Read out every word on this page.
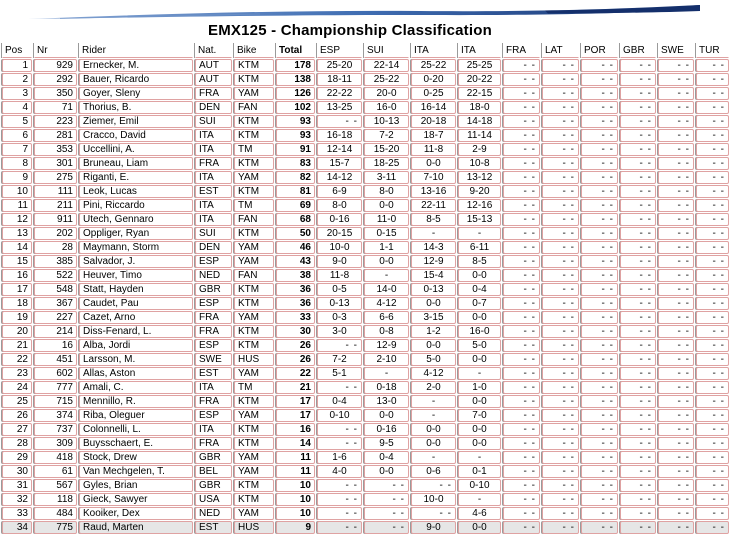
EMX125 - Championship Classification
Pos	Nr	Rider	Nat.	Bike	Total	ESP	SUI	ITA	ITA	FRA	LAT	POR	GBR	SWE	TUR
1	929	Ernecker, M.	AUT	KTM	178	25-20	22-14	25-22	25-25	- -	- -	- -	- -	- -	- -
2	292	Bauer, Ricardo	AUT	KTM	138	18-11	25-22	0-20	20-22	- -	- -	- -	- -	- -	- -
3	350	Goyer, Sleny	FRA	YAM	126	22-22	20-0	0-25	22-15	- -	- -	- -	- -	- -	- -
4	71	Thorius, B.	DEN	FAN	102	13-25	16-0	16-14	18-0	- -	- -	- -	- -	- -	- -
5	223	Ziemer, Emil	SUI	KTM	93	- -	10-13	20-18	14-18	- -	- -	- -	- -	- -	- -
6	281	Cracco, David	ITA	KTM	93	16-18	7-2	18-7	11-14	- -	- -	- -	- -	- -	- -
7	353	Uccellini, A.	ITA	TM	91	12-14	15-20	11-8	2-9	- -	- -	- -	- -	- -	- -
8	301	Bruneau, Liam	FRA	KTM	83	15-7	18-25	0-0	10-8	- -	- -	- -	- -	- -	- -
9	275	Riganti, E.	ITA	YAM	82	14-12	3-11	7-10	13-12	- -	- -	- -	- -	- -	- -
10	111	Leok, Lucas	EST	KTM	81	6-9	8-0	13-16	9-20	- -	- -	- -	- -	- -	- -
11	211	Pini, Riccardo	ITA	TM	69	8-0	0-0	22-11	12-16	- -	- -	- -	- -	- -	- -
12	911	Utech, Gennaro	ITA	FAN	68	0-16	11-0	8-5	15-13	- -	- -	- -	- -	- -	- -
13	202	Oppliger, Ryan	SUI	KTM	50	20-15	0-15	-	-	- -	- -	- -	- -	- -	- -
14	28	Maymann, Storm	DEN	YAM	46	10-0	1-1	14-3	6-11	- -	- -	- -	- -	- -	- -
15	385	Salvador, J.	ESP	YAM	43	9-0	0-0	12-9	8-5	- -	- -	- -	- -	- -	- -
16	522	Heuver, Timo	NED	FAN	38	11-8	-	15-4	0-0	- -	- -	- -	- -	- -	- -
17	548	Statt, Hayden	GBR	KTM	36	0-5	14-0	0-13	0-4	- -	- -	- -	- -	- -	- -
18	367	Caudet, Pau	ESP	KTM	36	0-13	4-12	0-0	0-7	- -	- -	- -	- -	- -	- -
19	227	Cazet, Arno	FRA	YAM	33	0-3	6-6	3-15	0-0	- -	- -	- -	- -	- -	- -
20	214	Diss-Fenard, L.	FRA	KTM	30	3-0	0-8	1-2	16-0	- -	- -	- -	- -	- -	- -
21	16	Alba, Jordi	ESP	KTM	26	- -	12-9	0-0	5-0	- -	- -	- -	- -	- -	- -
22	451	Larsson, M.	SWE	HUS	26	7-2	2-10	5-0	0-0	- -	- -	- -	- -	- -	- -
23	602	Allas, Aston	EST	YAM	22	5-1	-	4-12	-	- -	- -	- -	- -	- -	- -
24	777	Amali, C.	ITA	TM	21	- -	0-18	2-0	1-0	- -	- -	- -	- -	- -	- -
25	715	Mennillo, R.	FRA	KTM	17	0-4	13-0	-	0-0	- -	- -	- -	- -	- -	- -
26	374	Riba, Oleguer	ESP	YAM	17	0-10	0-0	-	7-0	- -	- -	- -	- -	- -	- -
27	737	Colonnelli, L.	ITA	KTM	16	- -	0-16	0-0	0-0	- -	- -	- -	- -	- -	- -
28	309	Buysschaert, E.	FRA	KTM	14	- -	9-5	0-0	0-0	- -	- -	- -	- -	- -	- -
29	418	Stock, Drew	GBR	YAM	11	1-6	0-4	-	-	- -	- -	- -	- -	- -	- -
30	61	Van Mechgelen, T.	BEL	YAM	11	4-0	0-0	0-6	0-1	- -	- -	- -	- -	- -	- -
31	567	Gyles, Brian	GBR	KTM	10	- -	- -	- -	0-10	- -	- -	- -	- -	- -	- -
32	118	Gieck, Sawyer	USA	KTM	10	- -	- -	10-0	-	- -	- -	- -	- -	- -	- -
33	484	Kooiker, Dex	NED	YAM	10	- -	- -	- -	4-6	- -	- -	- -	- -	- -	- -
34	775	Raud, Marten	EST	HUS	9	- -	- -	9-0	0-0	- -	- -	- -	- -	- -	- -
